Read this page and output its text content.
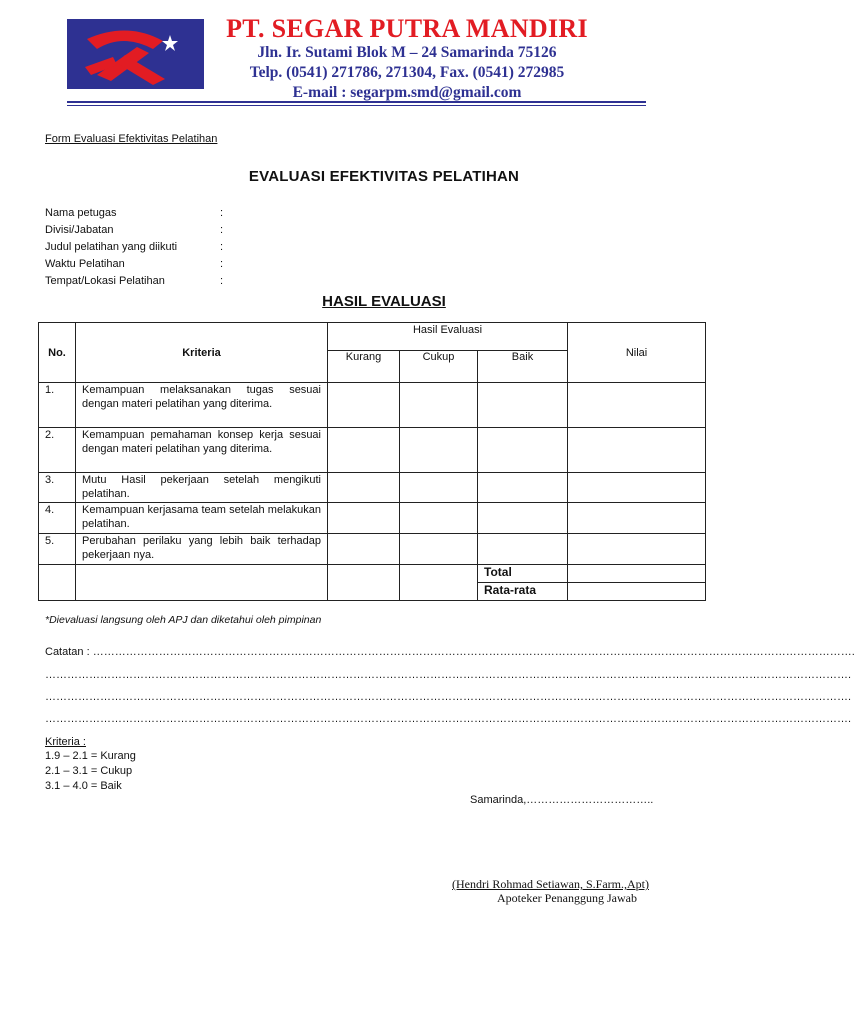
PT. SEGAR PUTRA MANDIRI
Jln. Ir. Sutami Blok M – 24 Samarinda 75126
Telp. (0541) 271786, 271304, Fax. (0541) 272985
E-mail : segarpm.smd@gmail.com
Form Evaluasi Efektivitas Pelatihan
EVALUASI EFEKTIVITAS PELATIHAN
Nama petugas	:
Divisi/Jabatan	:
Judul pelatihan yang diikuti	:
Waktu Pelatihan	:
Tempat/Lokasi Pelatihan	:
HASIL EVALUASI
No.	Kriteria	Hasil Evaluasi			Nilai
		Kurang	Cukup	Baik	
1.	Kemampuan melaksanakan tugas sesuai dengan materi pelatihan yang diterima.				
2.	Kemampuan pemahaman konsep kerja sesuai dengan materi pelatihan yang diterima.				
3.	Mutu Hasil pekerjaan setelah mengikuti pelatihan.				
4.	Kemampuan kerjasama team setelah melakukan pelatihan.				
5.	Perubahan perilaku yang lebih baik terhadap pekerjaan nya.				
				Total	
				Rata-rata	
*Dievaluasi langsung oleh APJ dan diketahui oleh pimpinan
Catatan : ……………………………………………………………………………………………………………………………………………………………………………………….
………………………………………………………………………………………………………………………………………………………………………………………………….
………………………………………………………………………………………………………………………………………………………………………………………………….
………………………………………………………………………………………………………………………………………………………………………………………………….
Kriteria :
1.9 – 2.1 = Kurang
2.1 – 3.1 = Cukup
3.1 – 4.0 = Baik
Samarinda,……………………………..
(Hendri Rohmad Setiawan, S.Farm.,Apt)
Apoteker Penanggung Jawab
